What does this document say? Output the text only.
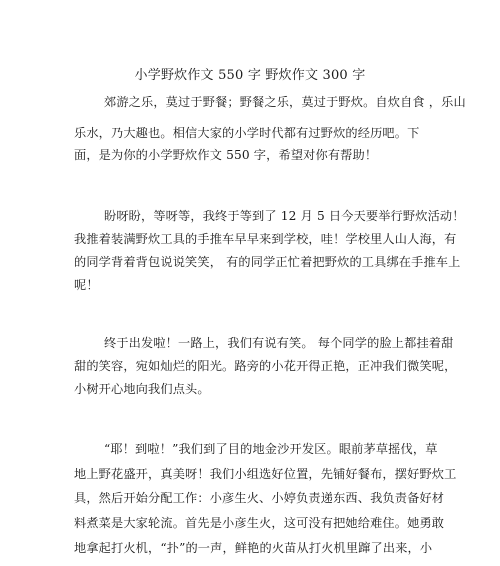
小学野炊作文 550 字 野炊作文 300 字
郊游之乐，莫过于野餐；野餐之乐，莫过于野炊。自炊自食 ，乐山
乐水，乃大趣也。相信大家的小学时代都有过野炊的经历吧。下
面，是为你的小学野炊作文 550 字，希望对你有帮助！
盼呀盼，等呀等，我终于等到了 12 月 5 日今天要举行野炊活动！
我推着装满野炊工具的手推车早早来到学校，哇！学校里人山人海，有
的同学背着背包说说笑笑， 有的同学正忙着把野炊的工具绑在手推车上
呢！
终于出发啦！一路上，我们有说有笑。 每个同学的脸上都挂着甜
甜的笑容，宛如灿烂的阳光。路旁的小花开得正艳，正冲我们微笑呢，
小树开心地向我们点头。
“耶！到啦！”我们到了目的地金沙开发区。眼前茅草摇伐，草
地上野花盛开，真美呀！我们小组选好位置，先铺好餐布，摆好野炊工
具，然后开始分配工作：小彦生火、小婷负责递东西、我负责备好材
料煮菜是大家轮流。首先是小彦生火，这可没有把她给难住。她勇敢
地拿起打火机，“扑”的一声，鲜艳的火苗从打火机里蹿了出来，小
